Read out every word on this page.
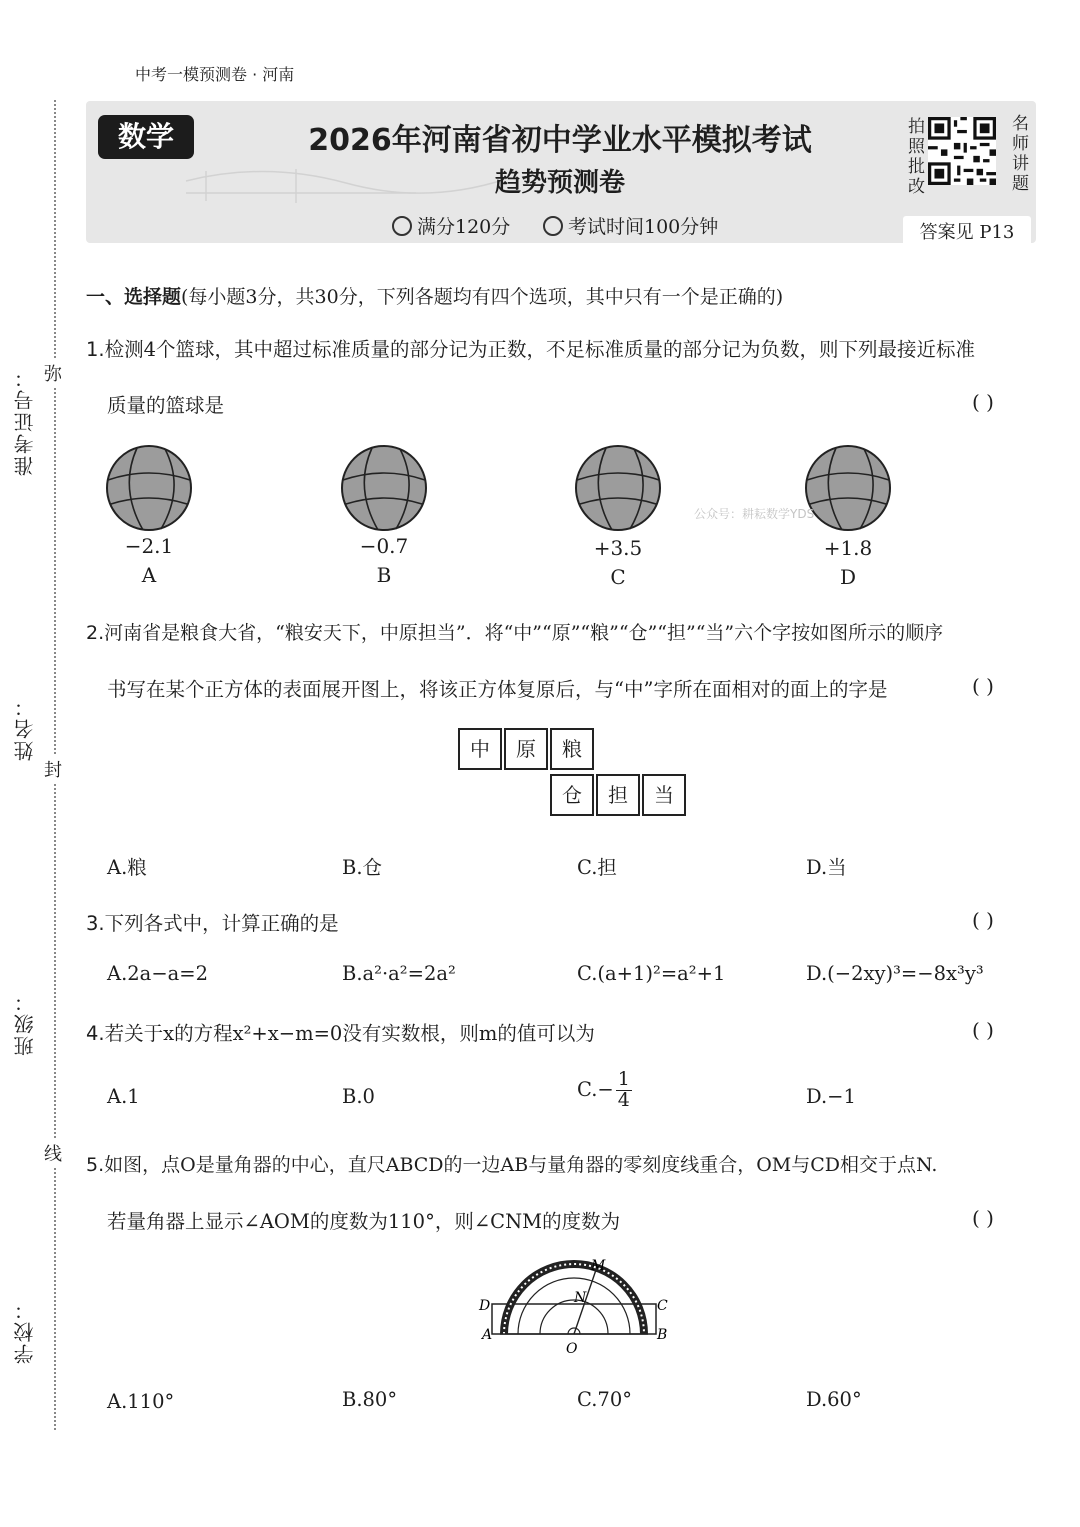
中考一模预测卷 · 河南
数学	2026年河南省初中学业水平模拟考试
趋势预测卷
满分120分	考试时间100分钟
拍照批改	名师讲题
答案见 P13
准考证号：
姓名：
班级：
学校：
弥
封
线
一、选择题(每小题3分，共30分，下列各题均有四个选项，其中只有一个是正确的)
1.检测4个篮球，其中超过标准质量的部分记为正数，不足标准质量的部分记为负数，则下列最接近标准
质量的篮球是	( )
−2.1
A
−0.7
B
+3.5
C
+1.8
D
公众号：耕耘数学YDS
2.河南省是粮食大省，“粮安天下，中原担当”．将“中”“原”“粮”“仓”“担”“当”六个字按如图所示的顺序
书写在某个正方体的表面展开图上，将该正方体复原后，与“中”字所在面相对的面上的字是	( )
中	原	粮
仓	担	当
A.粮	B.仓	C.担	D.当
3.下列各式中，计算正确的是	( )
A.2a−a=2	B.a²·a²=2a²	C.(a+1)²=a²+1	D.(−2xy)³=−8x³y³
4.若关于x的方程x²+x−m=0没有实数根，则m的值可以为	( )
A.1	B.0	$C.- \frac{1}{4}$	D.−1
5.如图，点O是量角器的中心，直尺ABCD的一边AB与量角器的零刻度线重合，OM与CD相交于点N.
若量角器上显示∠AOM的度数为110°，则∠CNM的度数为	( )
M
N
D	C
A	B
O
A.110°	B.80°	C.70°	D.60°
